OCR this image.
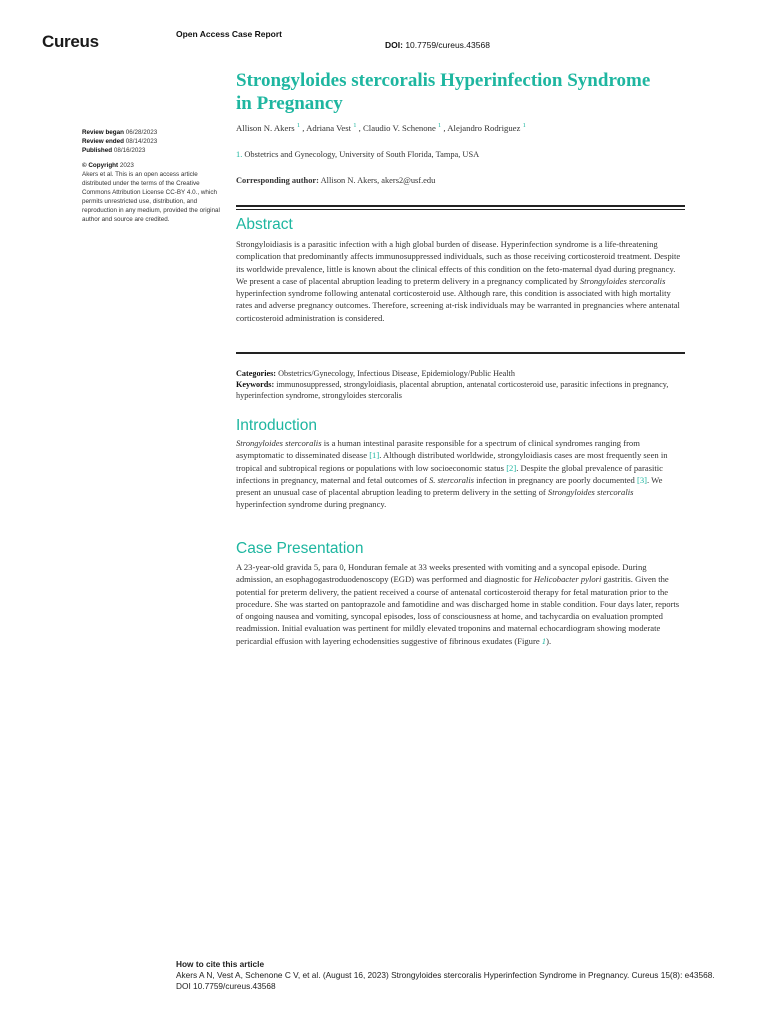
Cureus	Open Access Case Report
DOI: 10.7759/cureus.43568
Strongyloides stercoralis Hyperinfection Syndrome in Pregnancy
Allison N. Akers $^1$ , Adriana Vest $^1$ , Claudio V. Schenone $^1$ , Alejandro Rodriguez $^1$
1. Obstetrics and Gynecology, University of South Florida, Tampa, USA
Corresponding author: Allison N. Akers, akers2@usf.edu
Review began 06/28/2023
Review ended 08/14/2023
Published 08/16/2023
© Copyright 2023
Akers et al. This is an open access article distributed under the terms of the Creative Commons Attribution License CC-BY 4.0., which permits unrestricted use, distribution, and reproduction in any medium, provided the original author and source are credited.	Abstract

Strongyloidiasis is a parasitic infection with a high global burden of disease. Hyperinfection syndrome is a life-threatening complication that predominantly affects immunosuppressed individuals, such as those receiving corticosteroid treatment. Despite its worldwide prevalence, little is known about the clinical effects of this condition on the feto-maternal dyad during pregnancy. We present a case of placental abruption leading to preterm delivery in a pregnancy complicated by Strongyloides stercoralis hyperinfection syndrome following antenatal corticosteroid use. Although rare, this condition is associated with high mortality rates and adverse pregnancy outcomes. Therefore, screening at-risk individuals may be warranted in pregnancies where antenatal corticosteroid administration is considered.

Categories: Obstetrics/Gynecology, Infectious Disease, Epidemiology/Public Health
Keywords: immunosuppressed, strongyloidiasis, placental abruption, antenatal corticosteroid use, parasitic infections in pregnancy, hyperinfection syndrome, strongyloides stercoralis
Introduction

Strongyloides stercoralis is a human intestinal parasite responsible for a spectrum of clinical syndromes ranging from asymptomatic to disseminated disease [1]. Although distributed worldwide, strongyloidiasis cases are most frequently seen in tropical and subtropical regions or populations with low socioeconomic status [2]. Despite the global prevalence of parasitic infections in pregnancy, maternal and fetal outcomes of S. stercoralis infection in pregnancy are poorly documented [3]. We present an unusual case of placental abruption leading to preterm delivery in the setting of Strongyloides stercoralis hyperinfection syndrome during pregnancy.

Case Presentation

A 23-year-old gravida 5, para 0, Honduran female at 33 weeks presented with vomiting and a syncopal episode. During admission, an esophagogastroduodenoscopy (EGD) was performed and diagnostic for Helicobacter pylori gastritis. Given the potential for preterm delivery, the patient received a course of antenatal corticosteroid therapy for fetal maturation prior to the procedure. She was started on pantoprazole and famotidine and was discharged home in stable condition. Four days later, reports of ongoing nausea and vomiting, syncopal episodes, loss of consciousness at home, and tachycardia on evaluation prompted readmission. Initial evaluation was pertinent for mildly elevated troponins and maternal echocardiogram showing moderate pericardial effusion with layering echodensities suggestive of fibrinous exudates (Figure 1).

How to cite this article
Akers A N, Vest A, Schenone C V, et al. (August 16, 2023) Strongyloides stercoralis Hyperinfection Syndrome in Pregnancy. Cureus 15(8): e43568. DOI 10.7759/cureus.43568
